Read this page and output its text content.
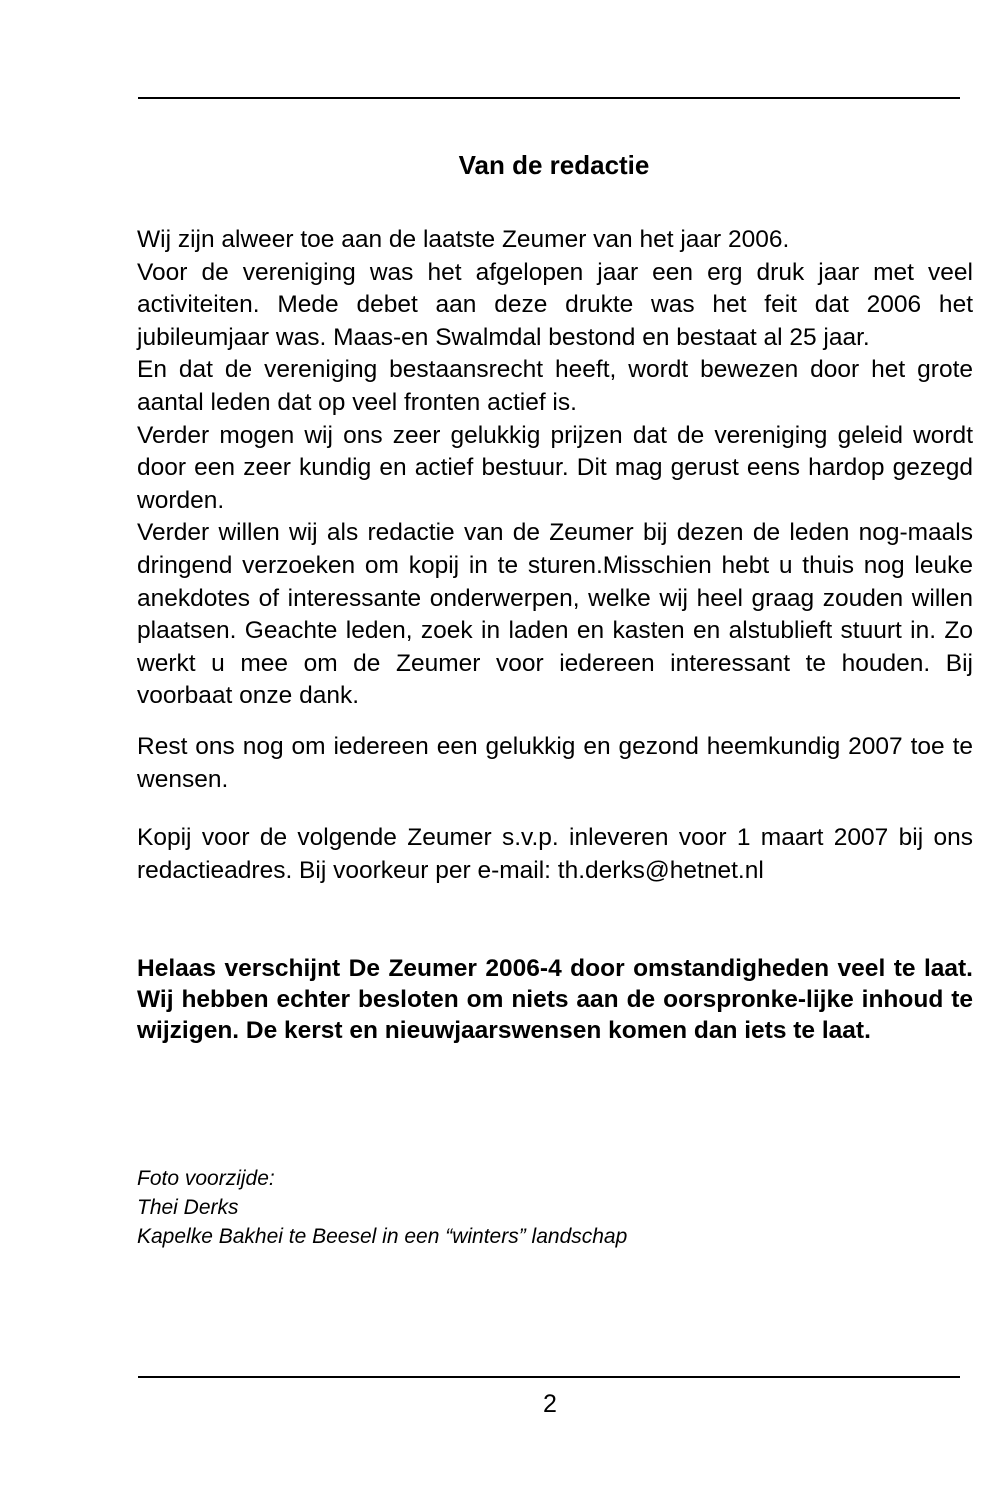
Van de redactie

Wij zijn alweer toe aan de laatste Zeumer van het jaar 2006.

Voor de vereniging was het afgelopen jaar een erg druk jaar met veel activiteiten. Mede debet aan deze drukte was het feit dat 2006 het jubileumjaar was. Maas-en Swalmdal bestond en bestaat al 25 jaar.

En dat de vereniging bestaansrecht heeft, wordt bewezen door het grote aantal leden dat op veel fronten actief is.

Verder mogen wij ons zeer gelukkig prijzen dat de vereniging geleid wordt door een zeer kundig en actief bestuur. Dit mag gerust eens hardop gezegd worden.

Verder willen wij als redactie van de Zeumer bij dezen de leden nog-maals dringend verzoeken om kopij in te sturen.Misschien hebt u thuis nog leuke anekdotes of interessante onderwerpen, welke wij heel graag zouden willen plaatsen. Geachte leden, zoek in laden en kasten en alstublieft stuurt in. Zo werkt u mee om de Zeumer voor iedereen interessant te houden. Bij voorbaat onze dank.

Rest ons nog om iedereen een gelukkig en gezond heemkundig 2007 toe te wensen.

Kopij voor de volgende Zeumer s.v.p. inleveren voor 1 maart 2007 bij ons redactieadres. Bij voorkeur per e-mail: th.derks@hetnet.nl

Helaas verschijnt De Zeumer 2006-4 door omstandigheden veel te laat. Wij hebben echter besloten om niets aan de oorspronke-lijke inhoud te wijzigen. De kerst en nieuwjaarswensen komen dan iets te laat.

Foto voorzijde:
Thei Derks
Kapelke Bakhei te Beesel in een “winters” landschap
2
